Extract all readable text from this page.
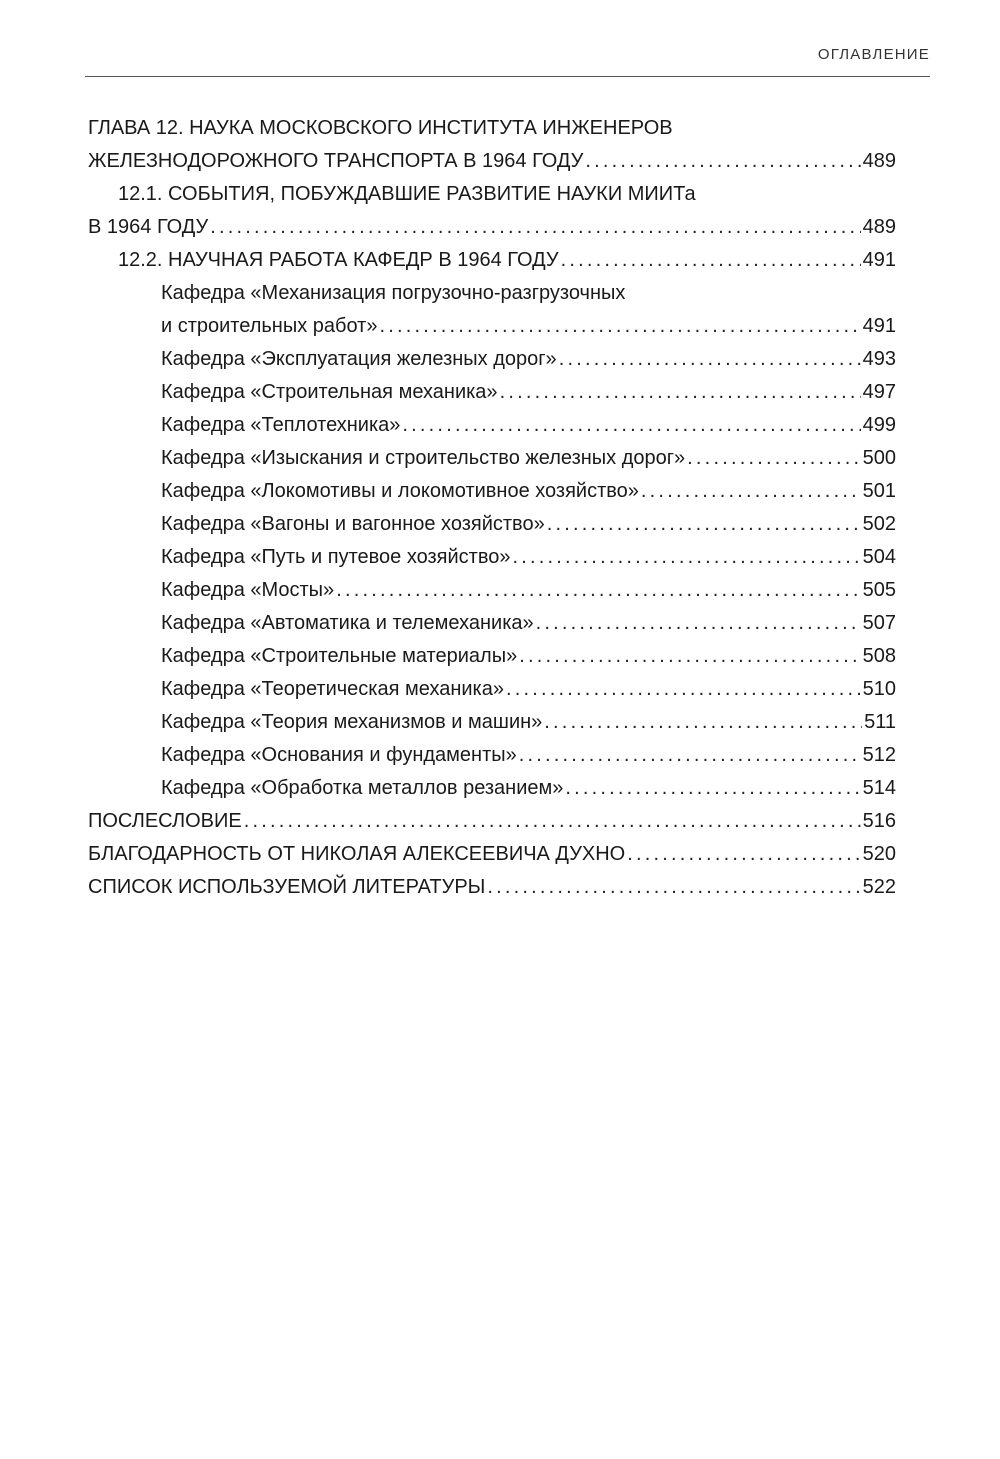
ОГЛАВЛЕНИЕ
ГЛАВА 12. НАУКА МОСКОВСКОГО ИНСТИТУТА ИНЖЕНЕРОВ
ЖЕЛЕЗНОДОРОЖНОГО ТРАНСПОРТА В 1964 ГОДУ .....	489
12.1. СОБЫТИЯ, ПОБУЖДАВШИЕ РАЗВИТИЕ НАУКИ МИИТа
В 1964 ГОДУ .....	489
12.2. НАУЧНАЯ РАБОТА КАФЕДР В 1964 ГОДУ .....	491
Кафедра «Механизация погрузочно-разгрузочных
и строительных работ» .....	491
Кафедра «Эксплуатация железных дорог» .....	493
Кафедра «Строительная механика» .....	497
Кафедра «Теплотехника» .....	499
Кафедра «Изыскания и строительство железных дорог» .....	500
Кафедра «Локомотивы и локомотивное хозяйство» .....	501
Кафедра «Вагоны и вагонное хозяйство» .....	502
Кафедра «Путь и путевое хозяйство» .....	504
Кафедра «Мосты» .....	505
Кафедра «Автоматика и телемеханика» .....	507
Кафедра «Строительные материалы» .....	508
Кафедра «Теоретическая механика» .....	510
Кафедра «Теория механизмов и машин» .....	511
Кафедра «Основания и фундаменты» .....	512
Кафедра «Обработка металлов резанием» .....	514
ПОСЛЕСЛОВИЕ .....	516
БЛАГОДАРНОСТЬ ОТ НИКОЛАЯ АЛЕКСЕЕВИЧА ДУХНО .....	520
СПИСОК ИСПОЛЬЗУЕМОЙ ЛИТЕРАТУРЫ .....	522
